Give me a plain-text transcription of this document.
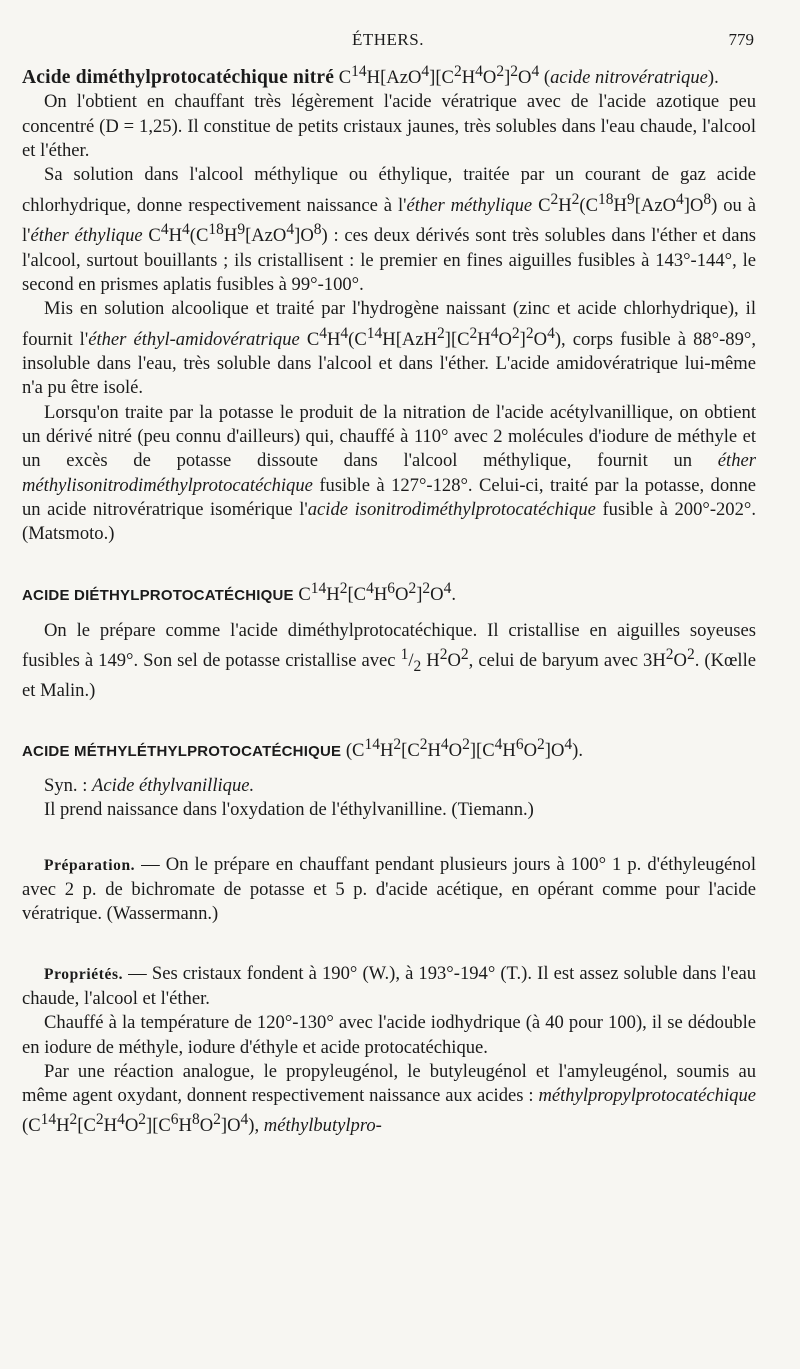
ÉTHERS.	779

Acide diméthylprotocatéchique nitré $C^{14}H[AzO^4][C^2H^4O^2]^2O^4$ (acide nitrovératrique).

On l'obtient en chauffant très légèrement l'acide vératrique avec de l'acide azotique peu concentré (D = 1,25). Il constitue de petits cristaux jaunes, très solubles dans l'eau chaude, l'alcool et l'éther.

Sa solution dans l'alcool méthylique ou éthylique, traitée par un courant de gaz acide chlorhydrique, donne respectivement naissance à l'éther méthylique $C^2H^2(C^{18}H^9[AzO^4]O^8)$ ou à l'éther éthylique $C^4H^4(C^{18}H^9[AzO^4]O^8)$ : ces deux dérivés sont très solubles dans l'éther et dans l'alcool, surtout bouillants ; ils cristallisent : le premier en fines aiguilles fusibles à 143°-144°, le second en prismes aplatis fusibles à 99°-100°.

Mis en solution alcoolique et traité par l'hydrogène naissant (zinc et acide chlorhydrique), il fournit l'éther éthyl-amidovératrique $C^4H^4(C^{14}H[AzH^2][C^2H^4O^2]^2O^4)$, corps fusible à 88°-89°, insoluble dans l'eau, très soluble dans l'alcool et dans l'éther. L'acide amidovératrique lui-même n'a pu être isolé.

Lorsqu'on traite par la potasse le produit de la nitration de l'acide acétylvanillique, on obtient un dérivé nitré (peu connu d'ailleurs) qui, chauffé à 110° avec 2 molécules d'iodure de méthyle et un excès de potasse dissoute dans l'alcool méthylique, fournit un éther méthylisonitrodiméthylprotocatéchique fusible à 127°-128°. Celui-ci, traité par la potasse, donne un acide nitrovératrique isomérique l'acide isonitrodiméthylprotocatéchique fusible à 200°-202°. (Matsmoto.)

ACIDE DIÉTHYLPROTOCATÉCHIQUE $C^{14}H^2[C^4H^6O^2]^2O^4$.

On le prépare comme l'acide diméthylprotocatéchique. Il cristallise en aiguilles soyeuses fusibles à 149°. Son sel de potasse cristallise avec $^1/_2$ $H^2O^2$, celui de baryum avec $3H^2O^2$. (Kœlle et Malin.)

ACIDE MÉTHYLÉTHYLPROTOCATÉCHIQUE $(C^{14}H^2[C^2H^4O^2][C^4H^6O^2]O^4)$.

Syn. : Acide éthylvanillique.

Il prend naissance dans l'oxydation de l'éthylvanilline. (Tiemann.)

Préparation. — On le prépare en chauffant pendant plusieurs jours à 100° 1 p. d'éthyleugénol avec 2 p. de bichromate de potasse et 5 p. d'acide acétique, en opérant comme pour l'acide vératrique. (Wassermann.)

Propriétés. — Ses cristaux fondent à 190° (W.), à 193°-194° (T.). Il est assez soluble dans l'eau chaude, l'alcool et l'éther.

Chauffé à la température de 120°-130° avec l'acide iodhydrique (à 40 pour 100), il se dédouble en iodure de méthyle, iodure d'éthyle et acide protocatéchique.

Par une réaction analogue, le propyleugénol, le butyleugénol et l'amyleugénol, soumis au même agent oxydant, donnent respectivement naissance aux acides : méthylpropylprotocatéchique $(C^{14}H^2[C^2H^4O^2][C^6H^8O^2]O^4)$, méthylbutylpro-
